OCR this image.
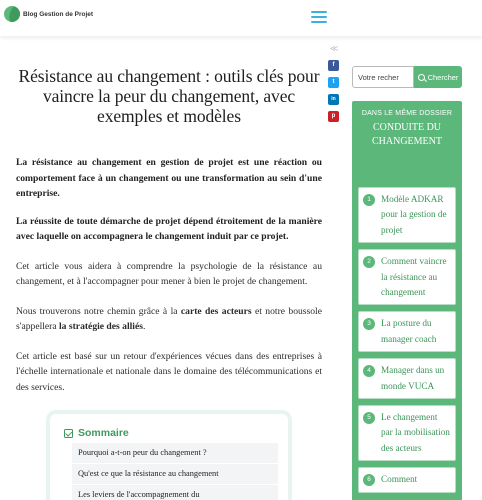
Blog Gestion de Projet
≪
f
t
in
p
Résistance au changement : outils clés pour vaincre la peur du changement, avec exemples et modèles

La résistance au changement en gestion de projet est une réaction ou comportement face à un changement ou une transformation au sein d'une entreprise.

La réussite de toute démarche de projet dépend étroitement de la manière avec laquelle on accompagnera le changement induit par ce projet.

Cet article vous aidera à comprendre la psychologie de la résistance au changement, et à l'accompagner pour mener à bien le projet de changement.

Nous trouverons notre chemin grâce à la carte des acteurs et notre boussole s'appellera la stratégie des alliés.

Cet article est basé sur un retour d'expériences vécues dans des entreprises à l'échelle internationale et nationale dans le domaine des télécommunications et des services.

Sommaire
Pourquoi a-t-on peur du changement ?
Qu'est ce que la résistance au changement
Les leviers de l'accompagnement du
Votre recher
Chercher
DANS LE MÊME DOSSIER
CONDUITE DU CHANGEMENT
1	Modèle ADKAR pour la gestion de projet
2	Comment vaincre la résistance au changement
3	La posture du manager coach
4	Manager dans un monde VUCA
5	Le changement par la mobilisation des acteurs
6	Comment
